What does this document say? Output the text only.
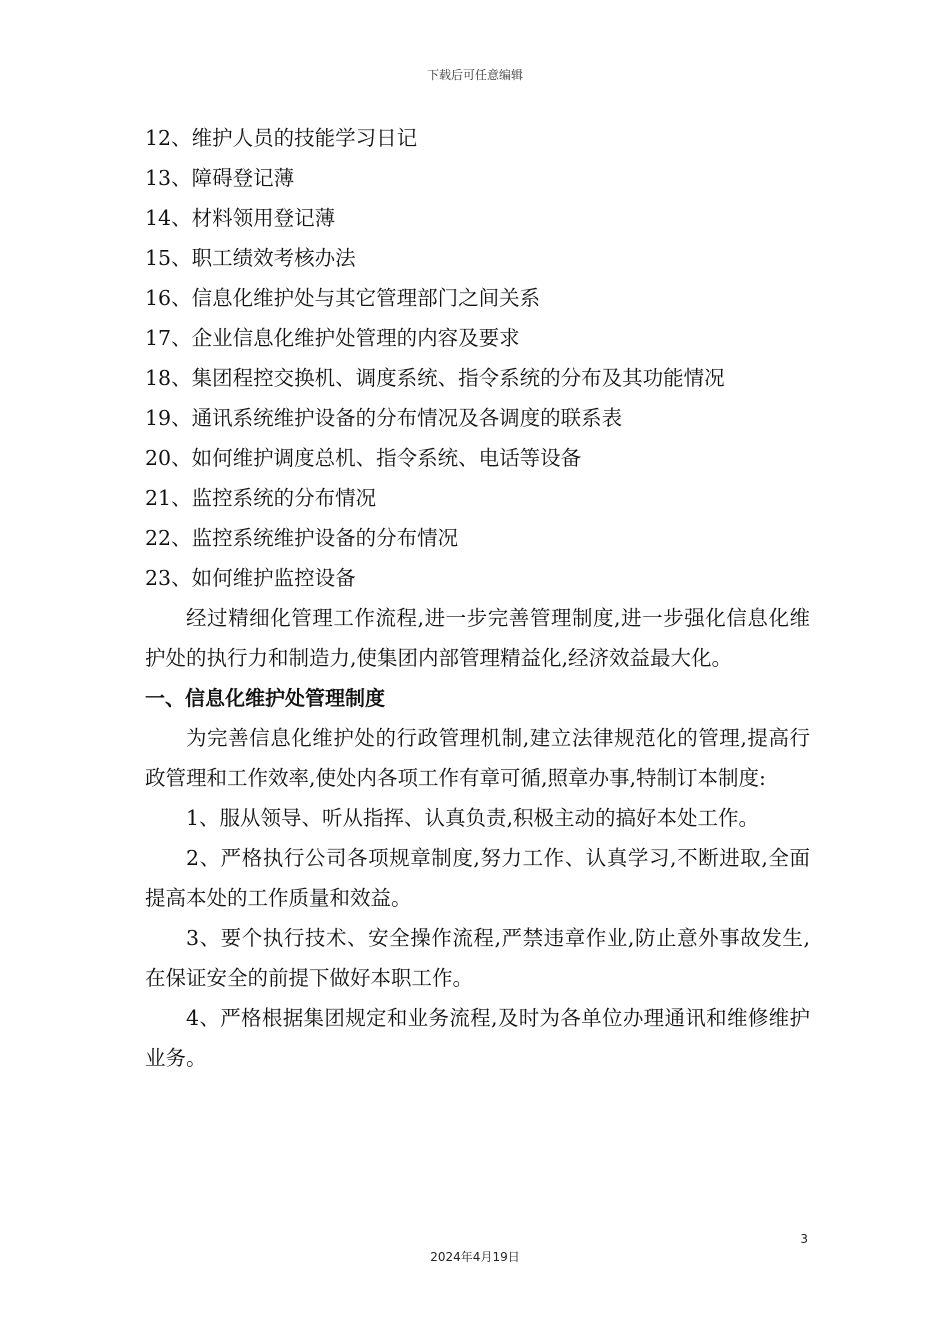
下载后可任意编辑
12、维护人员的技能学习日记
13、障碍登记薄
14、材料领用登记薄
15、职工绩效考核办法
16、信息化维护处与其它管理部门之间关系
17、企业信息化维护处管理的内容及要求
18、集团程控交换机、调度系统、指令系统的分布及其功能情况
19、通讯系统维护设备的分布情况及各调度的联系表
20、如何维护调度总机、指令系统、电话等设备
21、监控系统的分布情况
22、监控系统维护设备的分布情况
23、如何维护监控设备
经过精细化管理工作流程,进一步完善管理制度,进一步强化信息化维护处的执行力和制造力,使集团内部管理精益化,经济效益最大化。
一、信息化维护处管理制度
为完善信息化维护处的行政管理机制,建立法律规范化的管理,提高行政管理和工作效率,使处内各项工作有章可循,照章办事,特制订本制度:
1、服从领导、听从指挥、认真负责,积极主动的搞好本处工作。
2、严格执行公司各项规章制度,努力工作、认真学习,不断进取,全面提高本处的工作质量和效益。
3、要个执行技术、安全操作流程,严禁违章作业,防止意外事故发生,在保证安全的前提下做好本职工作。
4、严格根据集团规定和业务流程,及时为各单位办理通讯和维修维护业务。
3
2024年4月19日
